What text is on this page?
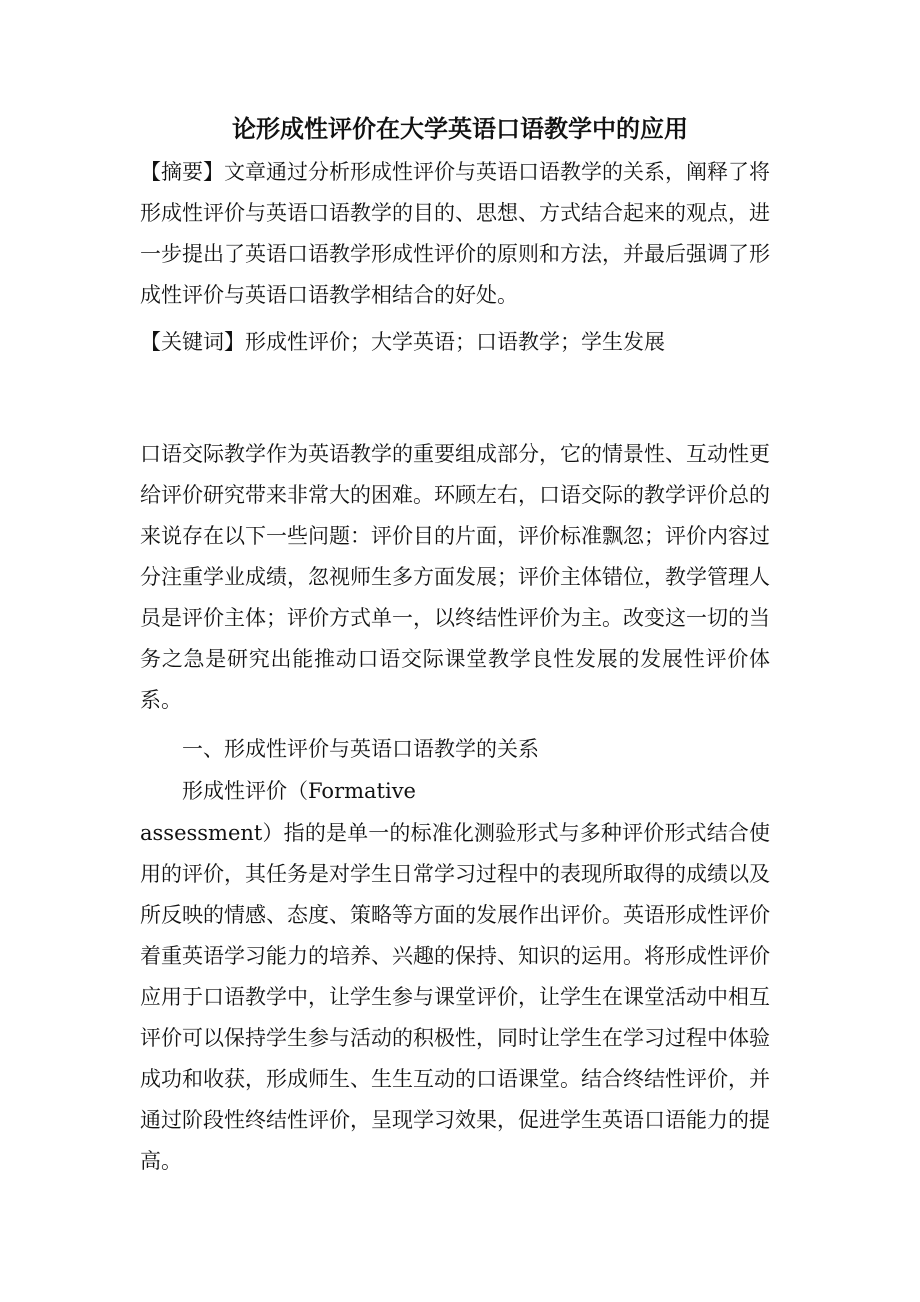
论形成性评价在大学英语口语教学中的应用

【摘要】文章通过分析形成性评价与英语口语教学的关系，阐释了将形成性评价与英语口语教学的目的、思想、方式结合起来的观点，进一步提出了英语口语教学形成性评价的原则和方法，并最后强调了形成性评价与英语口语教学相结合的好处。

【关键词】形成性评价；大学英语；口语教学；学生发展

口语交际教学作为英语教学的重要组成部分，它的情景性、互动性更给评价研究带来非常大的困难。环顾左右，口语交际的教学评价总的来说存在以下一些问题：评价目的片面，评价标准飘忽；评价内容过分注重学业成绩，忽视师生多方面发展；评价主体错位，教学管理人员是评价主体；评价方式单一，以终结性评价为主。改变这一切的当务之急是研究出能推动口语交际课堂教学良性发展的发展性评价体系。

一、形成性评价与英语口语教学的关系

形成性评价（Formative

assessment）指的是单一的标准化测验形式与多种评价形式结合使用的评价，其任务是对学生日常学习过程中的表现所取得的成绩以及所反映的情感、态度、策略等方面的发展作出评价。英语形成性评价着重英语学习能力的培养、兴趣的保持、知识的运用。将形成性评价应用于口语教学中，让学生参与课堂评价，让学生在课堂活动中相互评价可以保持学生参与活动的积极性，同时让学生在学习过程中体验成功和收获，形成师生、生生互动的口语课堂。结合终结性评价，并通过阶段性终结性评价，呈现学习效果，促进学生英语口语能力的提高。
